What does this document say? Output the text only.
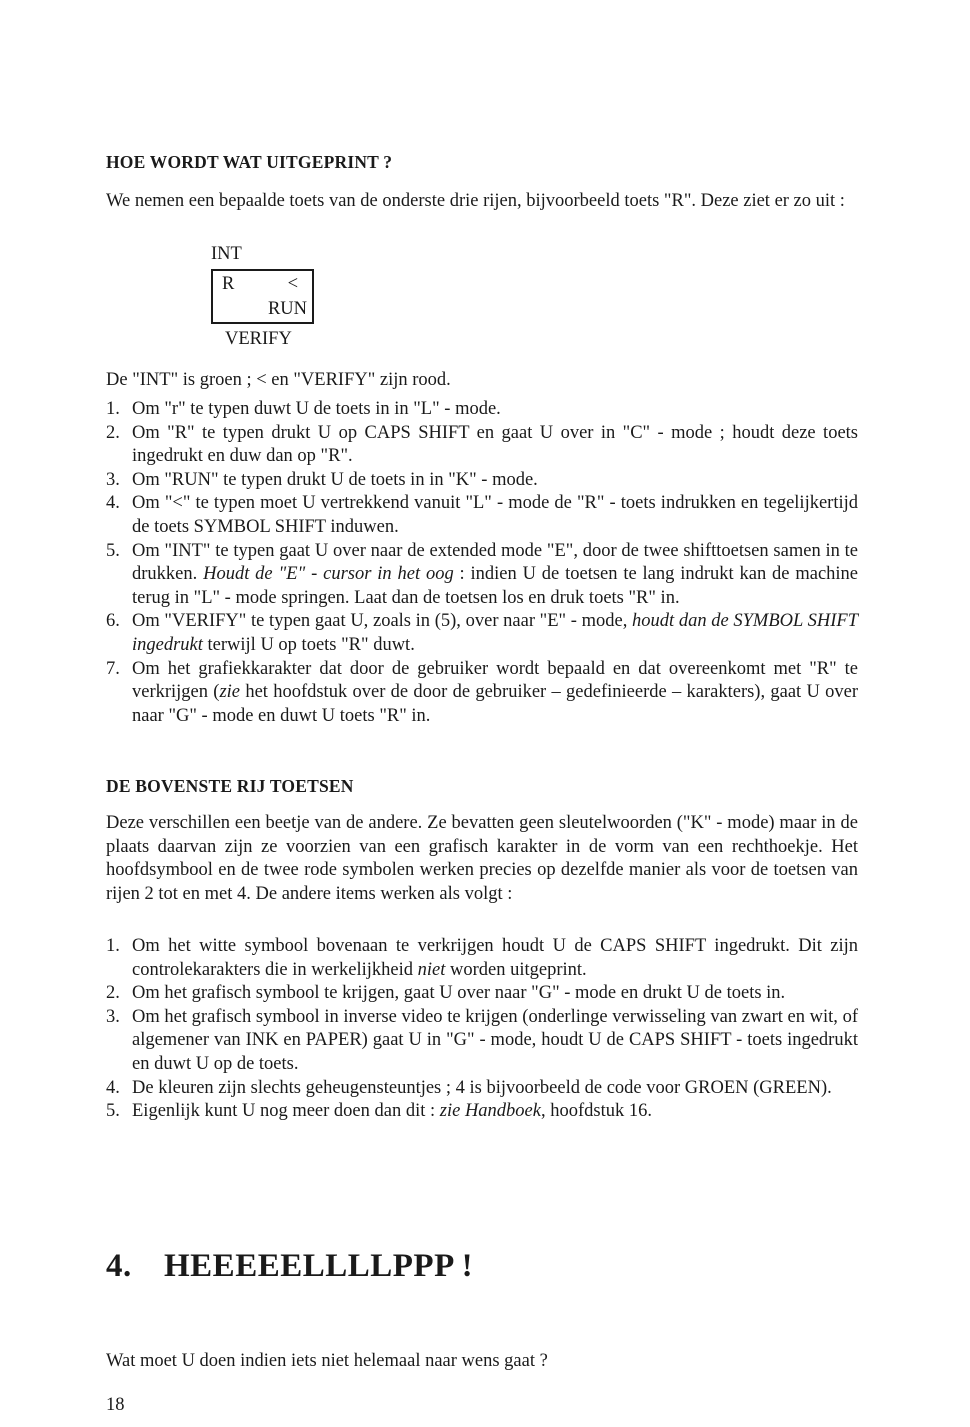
HOE WORDT WAT UITGEPRINT ?
We nemen een bepaalde toets van de onderste drie rijen, bijvoorbeeld toets "R". Deze ziet er zo uit :
INT
R	<
RUN
VERIFY
De "INT" is groen ; < en "VERIFY" zijn rood.
1. Om "r" te typen duwt U de toets in in "L" - mode.
2. Om "R" te typen drukt U op CAPS SHIFT en gaat U over in "C" - mode ; houdt deze toets ingedrukt en duw dan op "R".
3. Om "RUN" te typen drukt U de toets in in "K" - mode.
4. Om "<" te typen moet U vertrekkend vanuit "L" - mode de "R" - toets indrukken en tegelijkertijd de toets SYMBOL SHIFT induwen.
5. Om "INT" te typen gaat U over naar de extended mode "E", door de twee shifttoetsen samen in te drukken. Houdt de "E" - cursor in het oog : indien U de toetsen te lang indrukt kan de machine terug in "L" - mode springen. Laat dan de toetsen los en druk toets "R" in.
6. Om "VERIFY" te typen gaat U, zoals in (5), over naar "E" - mode, houdt dan de SYMBOL SHIFT ingedrukt terwijl U op toets "R" duwt.
7. Om het grafiekkarakter dat door de gebruiker wordt bepaald en dat overeenkomt met "R" te verkrijgen (zie het hoofdstuk over de door de gebruiker – gedefinieerde – karakters), gaat U over naar "G" - mode en duwt U toets "R" in.
DE BOVENSTE RIJ TOETSEN
Deze verschillen een beetje van de andere. Ze bevatten geen sleutelwoorden ("K" - mode) maar in de plaats daarvan zijn ze voorzien van een grafisch karakter in de vorm van een rechthoekje. Het hoofdsymbool en de twee rode symbolen werken precies op dezelfde manier als voor de toetsen van rijen 2 tot en met 4. De andere items werken als volgt :
1. Om het witte symbool bovenaan te verkrijgen houdt U de CAPS SHIFT ingedrukt. Dit zijn controlekarakters die in werkelijkheid niet worden uitgeprint.
2. Om het grafisch symbool te krijgen, gaat U over naar "G" - mode en drukt U de toets in.
3. Om het grafisch symbool in inverse video te krijgen (onderlinge verwisseling van zwart en wit, of algemener van INK en PAPER) gaat U in "G" - mode, houdt U de CAPS SHIFT - toets ingedrukt en duwt U op de toets.
4. De kleuren zijn slechts geheugensteuntjes ; 4 is bijvoorbeeld de code voor GROEN (GREEN).
5. Eigenlijk kunt U nog meer doen dan dit : zie Handboek, hoofdstuk 16.
4. HEEEEELLLLPPP !
Wat moet U doen indien iets niet helemaal naar wens gaat ?
18
